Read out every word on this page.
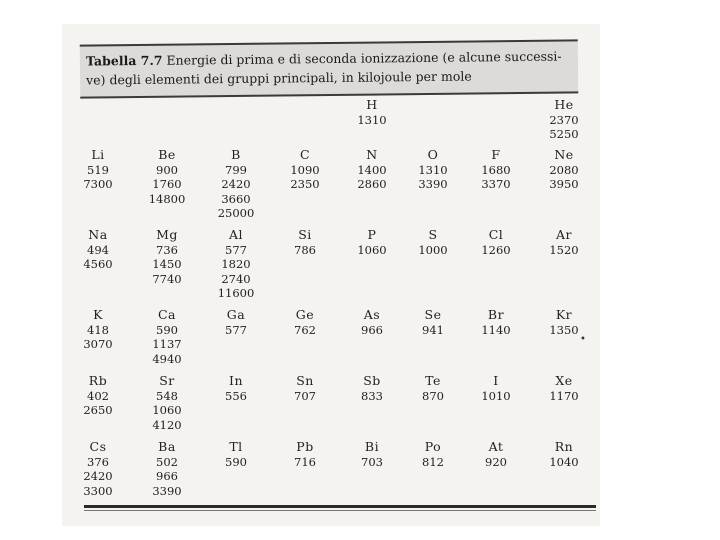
Tabella 7.7 Energie di prima e di seconda ionizzazione (e alcune successi-
ve) degli elementi dei gruppi principali, in kilojoule per mole
H
1310
He
2370
5250
Li
519
7300
Be
900
1760
14800
B
799
2420
3660
25000
C
1090
2350
N
1400
2860
O
1310
3390
F
1680
3370
Ne
2080
3950
Na
494
4560
Mg
736
1450
7740
Al
577
1820
2740
11600
Si
786
P
1060
S
1000
Cl
1260
Ar
1520
K
418
3070
Ca
590
1137
4940
Ga
577
Ge
762
As
966
Se
941
Br
1140
Kr
1350
Rb
402
2650
Sr
548
1060
4120
In
556
Sn
707
Sb
833
Te
870
I
1010
Xe
1170
Cs
376
2420
3300
Ba
502
966
3390
Tl
590
Pb
716
Bi
703
Po
812
At
920
Rn
1040
•
